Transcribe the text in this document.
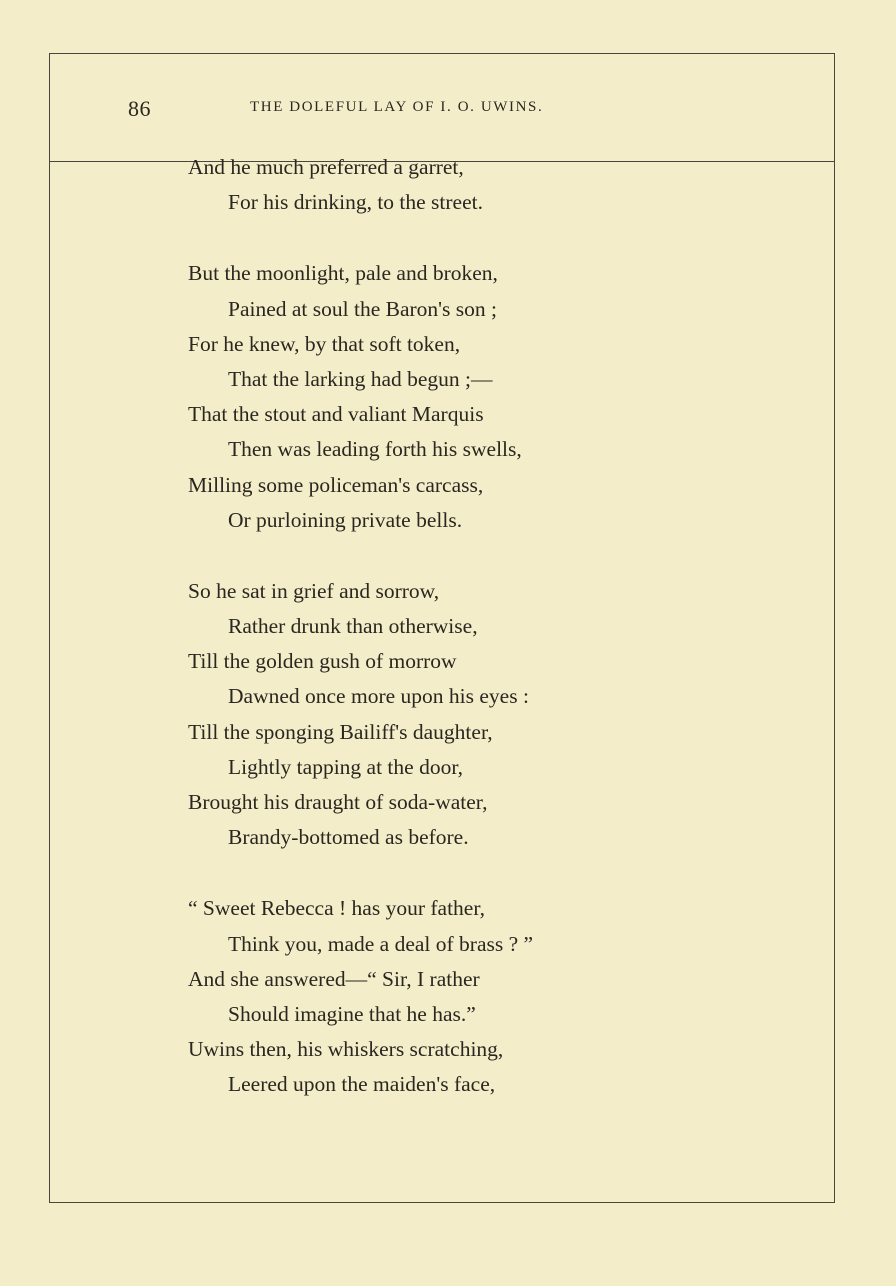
86	THE DOLEFUL LAY OF I. O. UWINS.
And he much preferred a garret,
For his drinking, to the street.
But the moonlight, pale and broken,
Pained at soul the Baron's son ;
For he knew, by that soft token,
That the larking had begun ;—
That the stout and valiant Marquis
Then was leading forth his swells,
Milling some policeman's carcass,
Or purloining private bells.
So he sat in grief and sorrow,
Rather drunk than otherwise,
Till the golden gush of morrow
Dawned once more upon his eyes :
Till the sponging Bailiff's daughter,
Lightly tapping at the door,
Brought his draught of soda-water,
Brandy-bottomed as before.
“ Sweet Rebecca ! has your father,
Think you, made a deal of brass ? ”
And she answered—“ Sir, I rather
Should imagine that he has.”
Uwins then, his whiskers scratching,
Leered upon the maiden's face,
